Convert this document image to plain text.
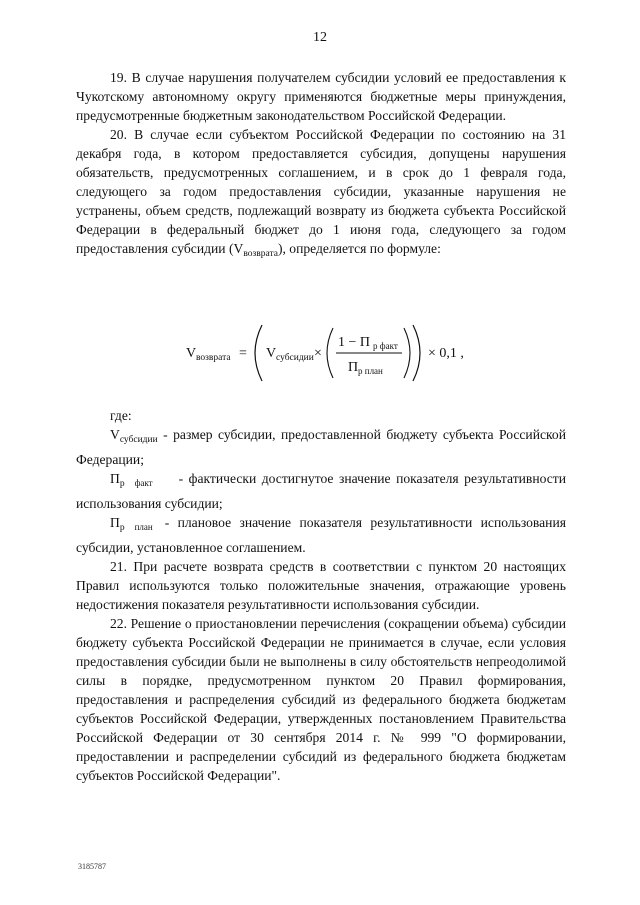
12

19. В случае нарушения получателем субсидии условий ее предоставления к Чукотскому автономному округу применяются бюджетные меры принуждения, предусмотренные бюджетным законодательством Российской Федерации.

20. В случае если субъектом Российской Федерации по состоянию на 31 декабря года, в котором предоставляется субсидия, допущены нарушения обязательств, предусмотренных соглашением, и в срок до 1 февраля года, следующего за годом предоставления субсидии, указанные нарушения не устранены, объем средств, подлежащий возврату из бюджета субъекта Российской Федерации в федеральный бюджет до 1 июня года, следующего за годом предоставления субсидии $(V_{возврата})$, определяется по формуле:

V возврата = V субсидии ×
1 − П р факт
П р план
× 0,1 ,

где:

$V_{субсидии}$ - размер субсидии, предоставленной бюджету субъекта Российской Федерации;

$П_р$ $_{факт}$ - фактически достигнутое значение показателя результативности использования субсидии;

$П_р$ $_{план}$ - плановое значение показателя результативности использования субсидии, установленное соглашением.

21. При расчете возврата средств в соответствии с пунктом 20 настоящих Правил используются только положительные значения, отражающие уровень недостижения показателя результативности использования субсидии.

22. Решение о приостановлении перечисления (сокращении объема) субсидии бюджету субъекта Российской Федерации не принимается в случае, если условия предоставления субсидии были не выполнены в силу обстоятельств непреодолимой силы в порядке, предусмотренном пунктом 20 Правил формирования, предоставления и распределения субсидий из федерального бюджета бюджетам субъектов Российской Федерации, утвержденных постановлением Правительства Российской Федерации от 30 сентября 2014 г. № 999 "О формировании, предоставлении и распределении субсидий из федерального бюджета бюджетам субъектов Российской Федерации".

3185787
